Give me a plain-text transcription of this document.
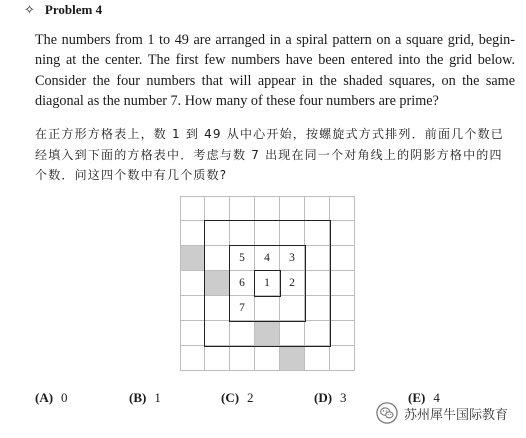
✧ Problem 4
The numbers from 1 to 49 are arranged in a spiral pattern on a square grid, beginning at the center. The first few numbers have been entered into the grid below. Consider the four numbers that will appear in the shaded squares, on the same diagonal as the number 7. How many of these four numbers are prime?
在正方形方格表上，数 1 到 49 从中心开始，按螺旋式方式排列．前面几个数已经填入到下面的方格表中．考虑与数 7 出现在同一个对角线上的阴影方格中的四个数．问这四个数中有几个质数?
5	4	3
6	1	2
7
(A) 0	(B) 1	(C) 2	(D) 3	(E) 4
苏州犀牛国际教育
